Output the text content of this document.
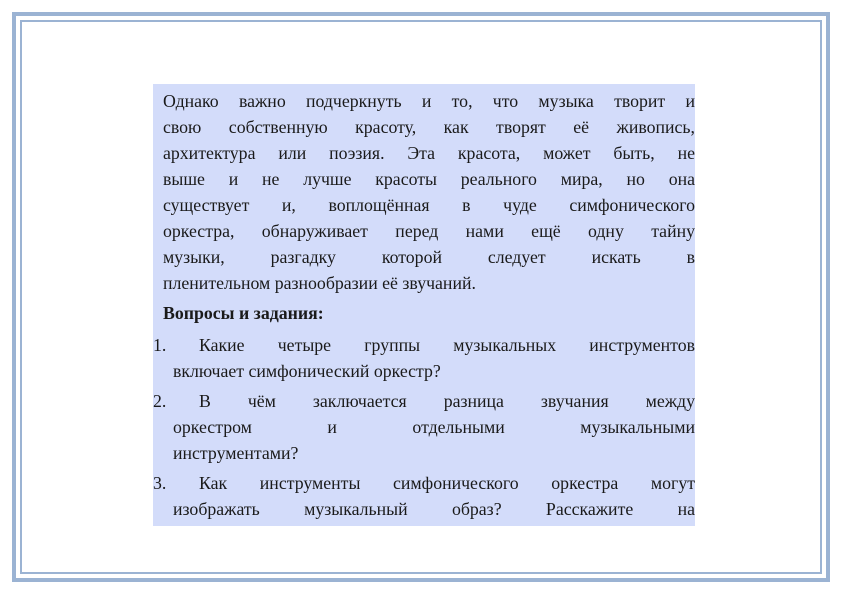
Однако важно подчеркнуть и то, что музыка творит и
свою собственную красоту, как творят её живопись,
архитектура или поэзия. Эта красота, может быть, не
выше и не лучше красоты реального мира, но она
существует и, воплощённая в чуде симфонического
оркестра, обнаруживает перед нами ещё одну тайну
музыки, разгадку которой следует искать в
пленительном разнообразии её звучаний.
Вопросы и задания:
1.	Какие четыре группы музыкальных инструментов
включает симфонический оркестр?
2.	В чём заключается разница звучания между
оркестром и отдельными музыкальными
инструментами?
3.	Как инструменты симфонического оркестра могут
изображать музыкальный образ? Расскажите на
